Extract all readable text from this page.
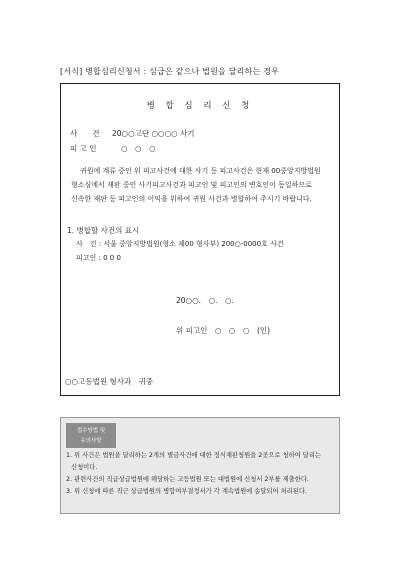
[서식] 병합심리신청서 : 심급은 같으나 법원을 달리하는 경우
병 합 심 리 신 청
사　　건 20○○고단 ○○○○ 사기
피 고 인	○　○　○
귀원에 계류 중인 위 피고사건에 대한 사기 등 피고사건은 현재 00중앙지방법원
형소심에서 재판 중인 사기피고사건과 피고인 및 피고인의 변호인이 동일하므로
신속한 재판 등 피고인의 이익을 위하여 귀원 사건과 병합하여 주시기 바랍니다.
1. 병합할 사건의 표시
사　건 : 서울 중앙지방법원(형소 제00 형사부) 200○-0000호 사건
피고인 : 0 0 0
20○○.　○.　○.
위 피고인　○　○　○　(인)
○○고등법원 형사과　귀중
접수방법 및
유의사항
1. 위 사건은 법원을 달리하는 2개의 별금사건에 대한 정식재판청원을 2곳으로 청하여 달리는
신청이다.
2. 관련사건의 직급상급법원에 해당하는 고등법원 또는 대법원에 신청서 2부를 제출한다.
3. 위 신청에 따른 직근 상급법원의 병합여부결정서가 각 계속법원에 송달되어 처리된다.
